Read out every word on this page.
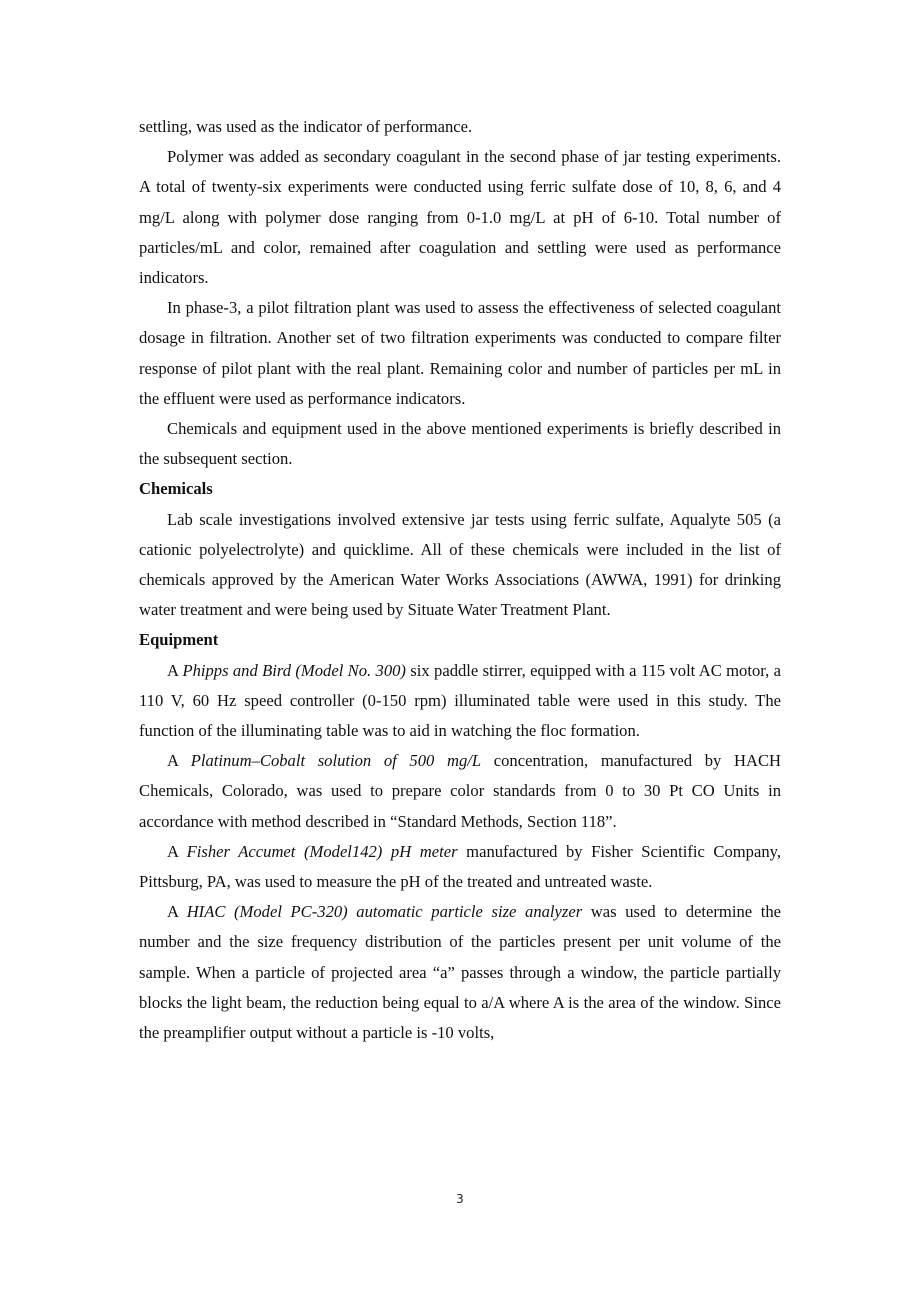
settling, was used as the indicator of performance.

Polymer was added as secondary coagulant in the second phase of jar testing experiments. A total of twenty-six experiments were conducted using ferric sulfate dose of 10, 8, 6, and 4 mg/L along with polymer dose ranging from 0-1.0 mg/L at pH of 6-10. Total number of particles/mL and color, remained after coagulation and settling were used as performance indicators.

In phase-3, a pilot filtration plant was used to assess the effectiveness of selected coagulant dosage in filtration. Another set of two filtration experiments was conducted to compare filter response of pilot plant with the real plant. Remaining color and number of particles per mL in the effluent were used as performance indicators.

Chemicals and equipment used in the above mentioned experiments is briefly described in the subsequent section.

Chemicals

Lab scale investigations involved extensive jar tests using ferric sulfate, Aqualyte 505 (a cationic polyelectrolyte) and quicklime. All of these chemicals were included in the list of chemicals approved by the American Water Works Associations (AWWA, 1991) for drinking water treatment and were being used by Situate Water Treatment Plant.

Equipment

A Phipps and Bird (Model No. 300) six paddle stirrer, equipped with a 115 volt AC motor, a 110 V, 60 Hz speed controller (0-150 rpm) illuminated table were used in this study. The function of the illuminating table was to aid in watching the floc formation.

A Platinum–Cobalt solution of 500 mg/L concentration, manufactured by HACH Chemicals, Colorado, was used to prepare color standards from 0 to 30 Pt CO Units in accordance with method described in “Standard Methods, Section 118”.

A Fisher Accumet (Model142) pH meter manufactured by Fisher Scientific Company, Pittsburg, PA, was used to measure the pH of the treated and untreated waste.

A HIAC (Model PC-320) automatic particle size analyzer was used to determine the number and the size frequency distribution of the particles present per unit volume of the sample. When a particle of projected area “a” passes through a window, the particle partially blocks the light beam, the reduction being equal to a/A where A is the area of the window. Since the preamplifier output without a particle is -10 volts,

3
